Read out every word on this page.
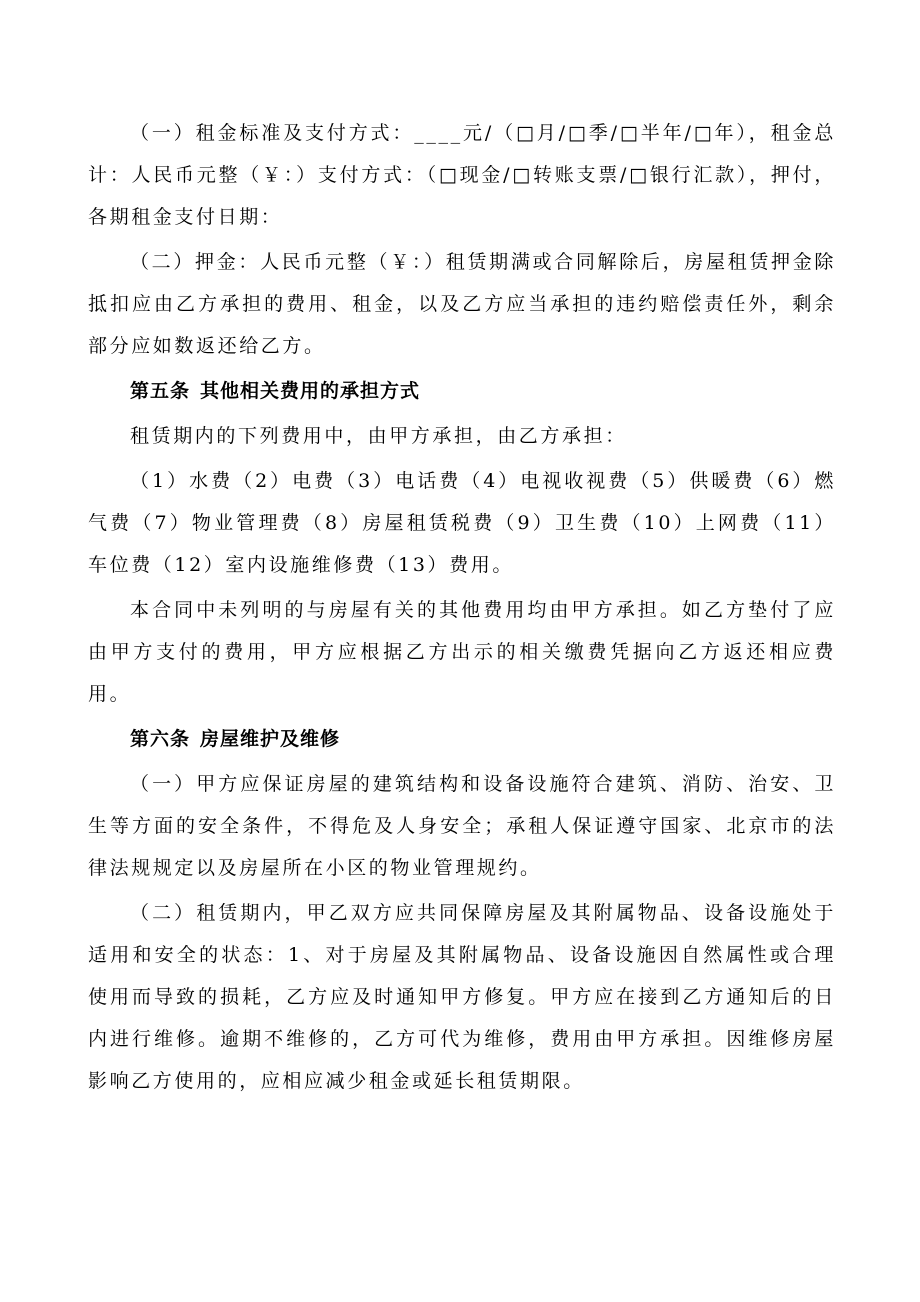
（一）租金标准及支付方式：____元/（□月/□季/□半年/□年），租金总计：人民币元整（￥：）支付方式：（□现金/□转账支票/□银行汇款），押付，各期租金支付日期：

（二）押金：人民币元整（￥：）租赁期满或合同解除后，房屋租赁押金除抵扣应由乙方承担的费用、租金，以及乙方应当承担的违约赔偿责任外，剩余部分应如数返还给乙方。

第五条 其他相关费用的承担方式

租赁期内的下列费用中，由甲方承担，由乙方承担：

（1）水费（2）电费（3）电话费（4）电视收视费（5）供暖费（6）燃气费（7）物业管理费（8）房屋租赁税费（9）卫生费（10）上网费（11）车位费（12）室内设施维修费（13）费用。

本合同中未列明的与房屋有关的其他费用均由甲方承担。如乙方垫付了应由甲方支付的费用，甲方应根据乙方出示的相关缴费凭据向乙方返还相应费用。

第六条 房屋维护及维修

（一）甲方应保证房屋的建筑结构和设备设施符合建筑、消防、治安、卫生等方面的安全条件，不得危及人身安全；承租人保证遵守国家、北京市的法律法规规定以及房屋所在小区的物业管理规约。

（二）租赁期内，甲乙双方应共同保障房屋及其附属物品、设备设施处于适用和安全的状态：1、对于房屋及其附属物品、设备设施因自然属性或合理使用而导致的损耗，乙方应及时通知甲方修复。甲方应在接到乙方通知后的日内进行维修。逾期不维修的，乙方可代为维修，费用由甲方承担。因维修房屋影响乙方使用的，应相应减少租金或延长租赁期限。
